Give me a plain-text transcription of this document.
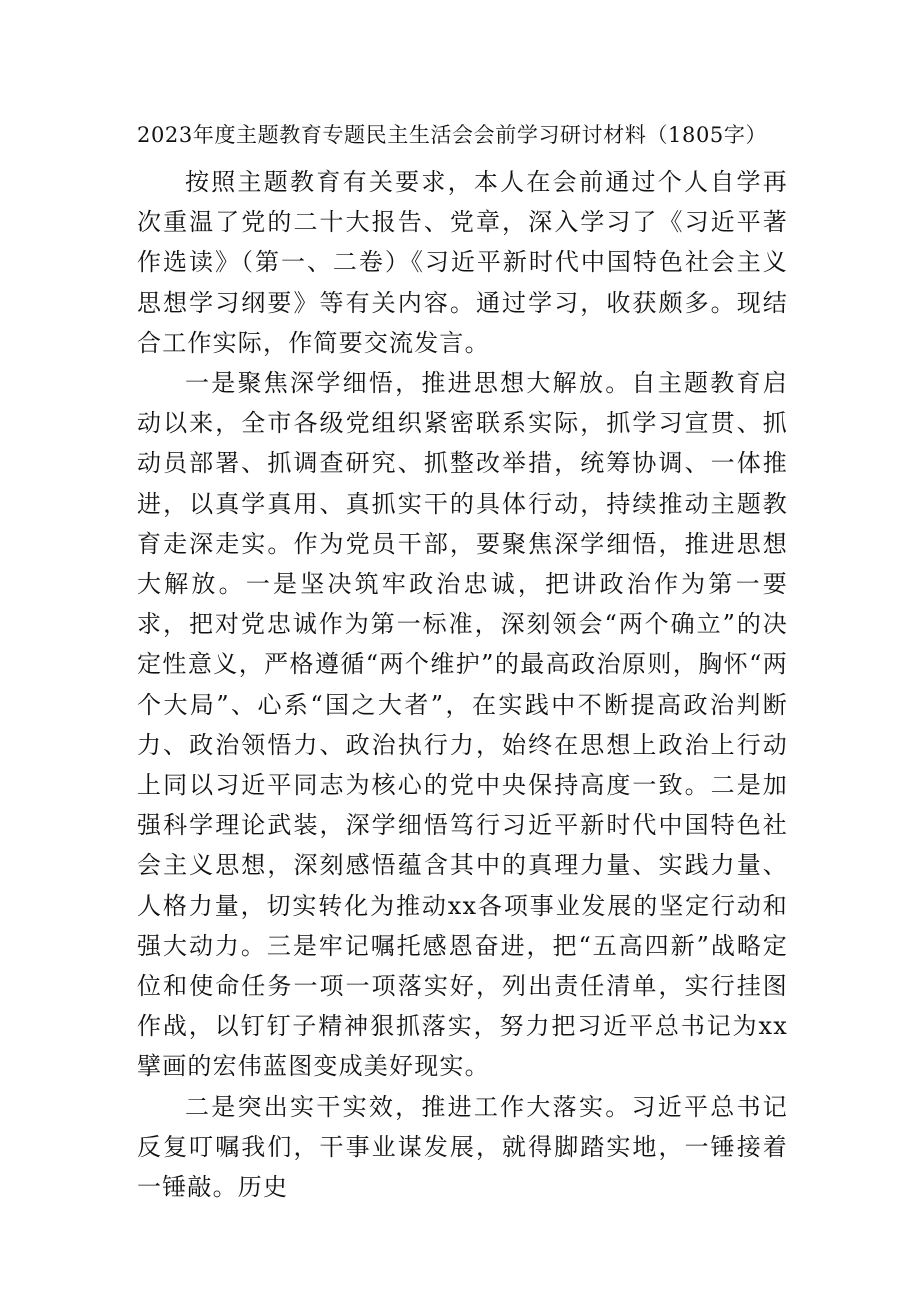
2023年度主题教育专题民主生活会会前学习研讨材料（1805字）

按照主题教育有关要求，本人在会前通过个人自学再次重温了党的二十大报告、党章，深入学习了《习近平著作选读》（第一、二卷）《习近平新时代中国特色社会主义思想学习纲要》等有关内容。通过学习，收获颇多。现结合工作实际，作简要交流发言。

一是聚焦深学细悟，推进思想大解放。自主题教育启动以来，全市各级党组织紧密联系实际，抓学习宣贯、抓动员部署、抓调查研究、抓整改举措，统筹协调、一体推进，以真学真用、真抓实干的具体行动，持续推动主题教育走深走实。作为党员干部，要聚焦深学细悟，推进思想大解放。一是坚决筑牢政治忠诚，把讲政治作为第一要求，把对党忠诚作为第一标准，深刻领会“两个确立”的决定性意义，严格遵循“两个维护”的最高政治原则，胸怀“两个大局”、心系“国之大者”，在实践中不断提高政治判断力、政治领悟力、政治执行力，始终在思想上政治上行动上同以习近平同志为核心的党中央保持高度一致。二是加强科学理论武装，深学细悟笃行习近平新时代中国特色社会主义思想，深刻感悟蕴含其中的真理力量、实践力量、人格力量，切实转化为推动xx各项事业发展的坚定行动和强大动力。三是牢记嘱托感恩奋进，把“五高四新”战略定位和使命任务一项一项落实好，列出责任清单，实行挂图作战，以钉钉子精神狠抓落实，努力把习近平总书记为xx擘画的宏伟蓝图变成美好现实。

二是突出实干实效，推进工作大落实。习近平总书记反复叮嘱我们，干事业谋发展，就得脚踏实地，一锤接着一锤敲。历史
